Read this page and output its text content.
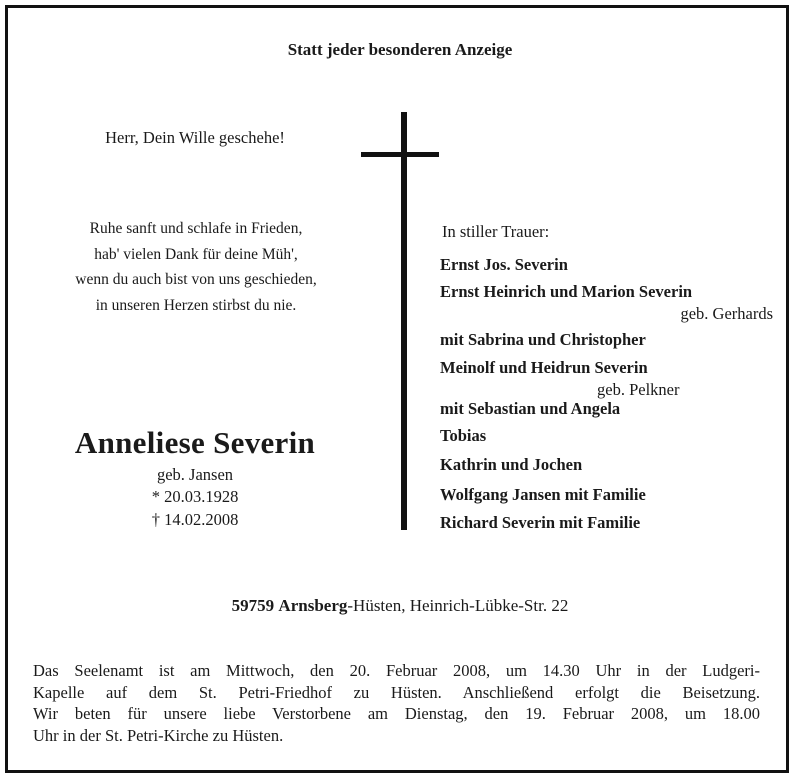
Statt jeder besonderen Anzeige
Herr, Dein Wille geschehe!
Ruhe sanft und schlafe in Frieden,
hab' vielen Dank für deine Müh',
wenn du auch bist von uns geschieden,
in unseren Herzen stirbst du nie.
Anneliese Severin
geb. Jansen
* 20.03.1928
† 14.02.2008
In stiller Trauer:
Ernst Jos. Severin
Ernst Heinrich und Marion Severin
geb. Gerhards
mit Sabrina und Christopher
Meinolf und Heidrun Severin
geb. Pelkner
mit Sebastian und Angela
Tobias
Kathrin und Jochen
Wolfgang Jansen mit Familie
Richard Severin mit Familie
59759 Arnsberg-Hüsten, Heinrich-Lübke-Str. 22
Das Seelenamt ist am Mittwoch, den 20. Februar 2008, um 14.30 Uhr in der Ludgeri-
Kapelle auf dem St. Petri-Friedhof zu Hüsten. Anschließend erfolgt die Beisetzung.
Wir beten für unsere liebe Verstorbene am Dienstag, den 19. Februar 2008, um 18.00
Uhr in der St. Petri-Kirche zu Hüsten.
